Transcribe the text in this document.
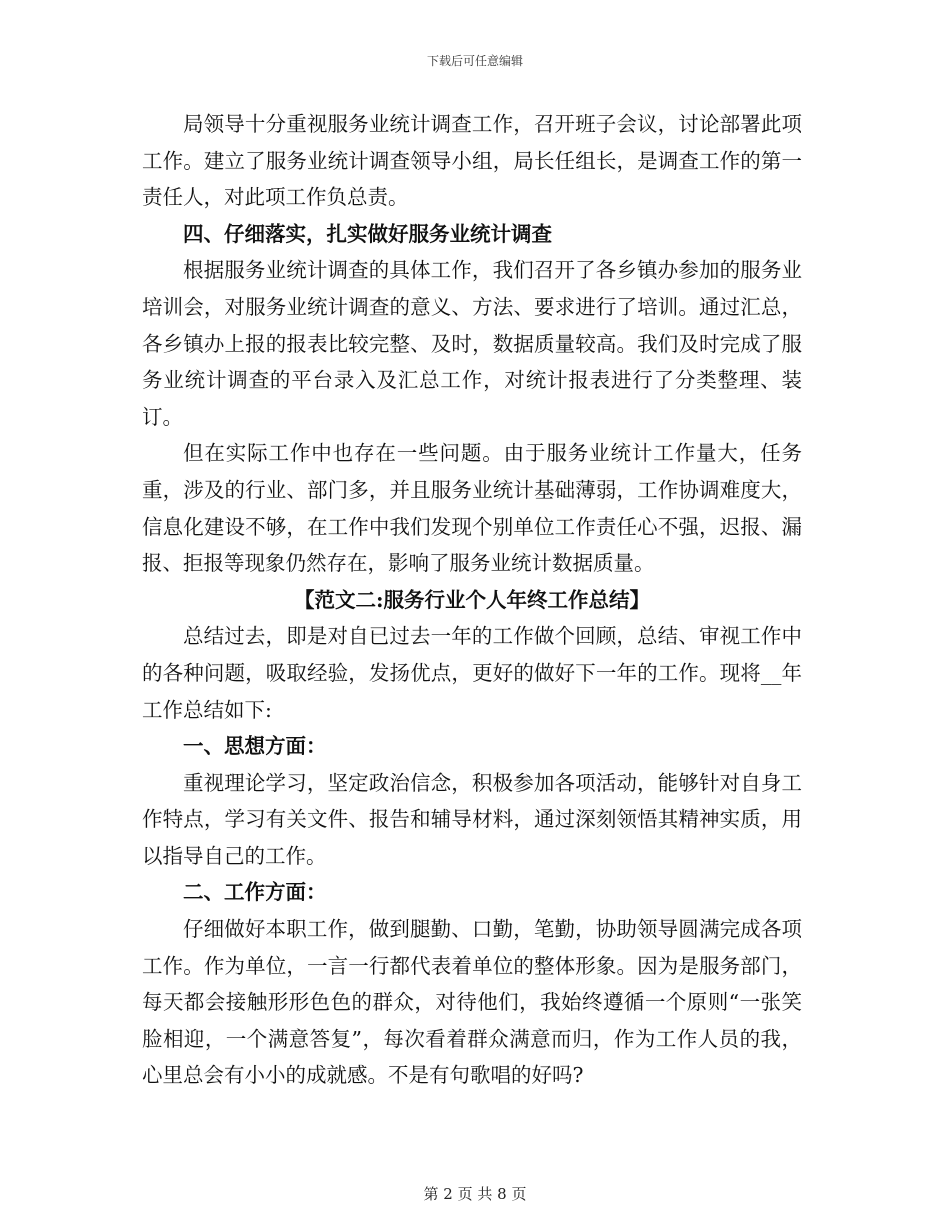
下载后可任意编辑

局领导十分重视服务业统计调查工作，召开班子会议，讨论部署此项工作。建立了服务业统计调查领导小组，局长任组长，是调查工作的第一责任人，对此项工作负总责。

四、仔细落实，扎实做好服务业统计调查

根据服务业统计调查的具体工作，我们召开了各乡镇办参加的服务业培训会，对服务业统计调查的意义、方法、要求进行了培训。通过汇总，各乡镇办上报的报表比较完整、及时，数据质量较高。我们及时完成了服务业统计调查的平台录入及汇总工作，对统计报表进行了分类整理、装订。

但在实际工作中也存在一些问题。由于服务业统计工作量大，任务重，涉及的行业、部门多，并且服务业统计基础薄弱，工作协调难度大，信息化建设不够，在工作中我们发现个别单位工作责任心不强，迟报、漏报、拒报等现象仍然存在，影响了服务业统计数据质量。

【范文二:服务行业个人年终工作总结】

总结过去，即是对自已过去一年的工作做个回顾，总结、审视工作中的各种问题，吸取经验，发扬优点，更好的做好下一年的工作。现将__年工作总结如下:

一、思想方面：

重视理论学习，坚定政治信念，积极参加各项活动，能够针对自身工作特点，学习有关文件、报告和辅导材料，通过深刻领悟其精神实质，用以指导自己的工作。

二、工作方面：

仔细做好本职工作，做到腿勤、口勤，笔勤，协助领导圆满完成各项工作。作为单位，一言一行都代表着单位的整体形象。因为是服务部门，每天都会接触形形色色的群众，对待他们，我始终遵循一个原则“一张笑脸相迎，一个满意答复”，每次看着群众满意而归，作为工作人员的我，心里总会有小小的成就感。不是有句歌唱的好吗?

第 2 页 共 8 页
